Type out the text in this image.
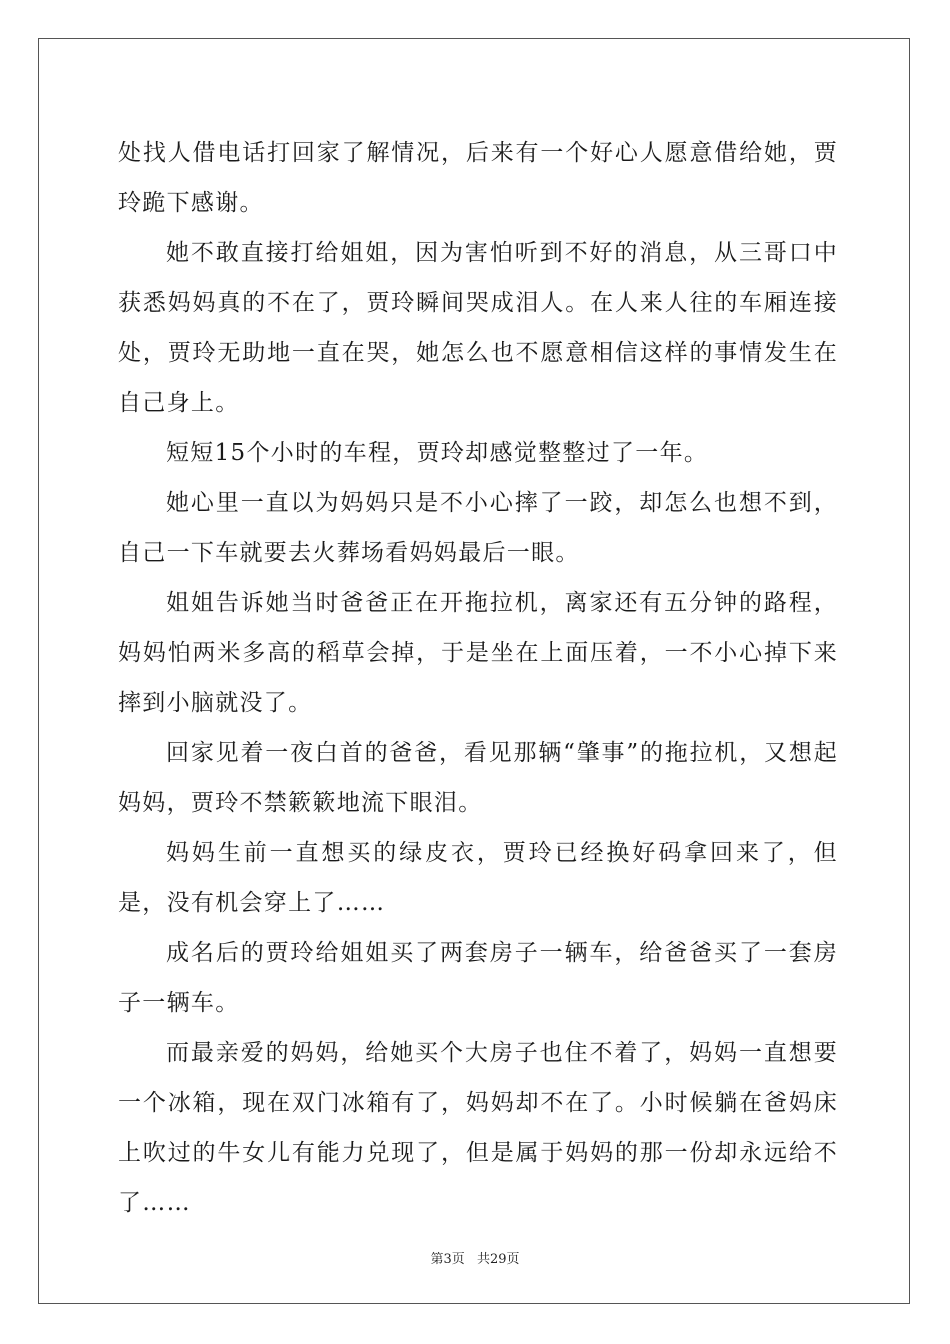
处找人借电话打回家了解情况，后来有一个好心人愿意借给她，贾玲跪下感谢。

她不敢直接打给姐姐，因为害怕听到不好的消息，从三哥口中获悉妈妈真的不在了，贾玲瞬间哭成泪人。在人来人往的车厢连接处，贾玲无助地一直在哭，她怎么也不愿意相信这样的事情发生在自己身上。

短短15个小时的车程，贾玲却感觉整整过了一年。

她心里一直以为妈妈只是不小心摔了一跤，却怎么也想不到，自己一下车就要去火葬场看妈妈最后一眼。

姐姐告诉她当时爸爸正在开拖拉机，离家还有五分钟的路程，妈妈怕两米多高的稻草会掉，于是坐在上面压着，一不小心掉下来摔到小脑就没了。

回家见着一夜白首的爸爸，看见那辆“肇事”的拖拉机，又想起妈妈，贾玲不禁簌簌地流下眼泪。

妈妈生前一直想买的绿皮衣，贾玲已经换好码拿回来了，但是，没有机会穿上了……

成名后的贾玲给姐姐买了两套房子一辆车，给爸爸买了一套房子一辆车。

而最亲爱的妈妈，给她买个大房子也住不着了，妈妈一直想要一个冰箱，现在双门冰箱有了，妈妈却不在了。小时候躺在爸妈床上吹过的牛女儿有能力兑现了，但是属于妈妈的那一份却永远给不了……

第3页 共29页
